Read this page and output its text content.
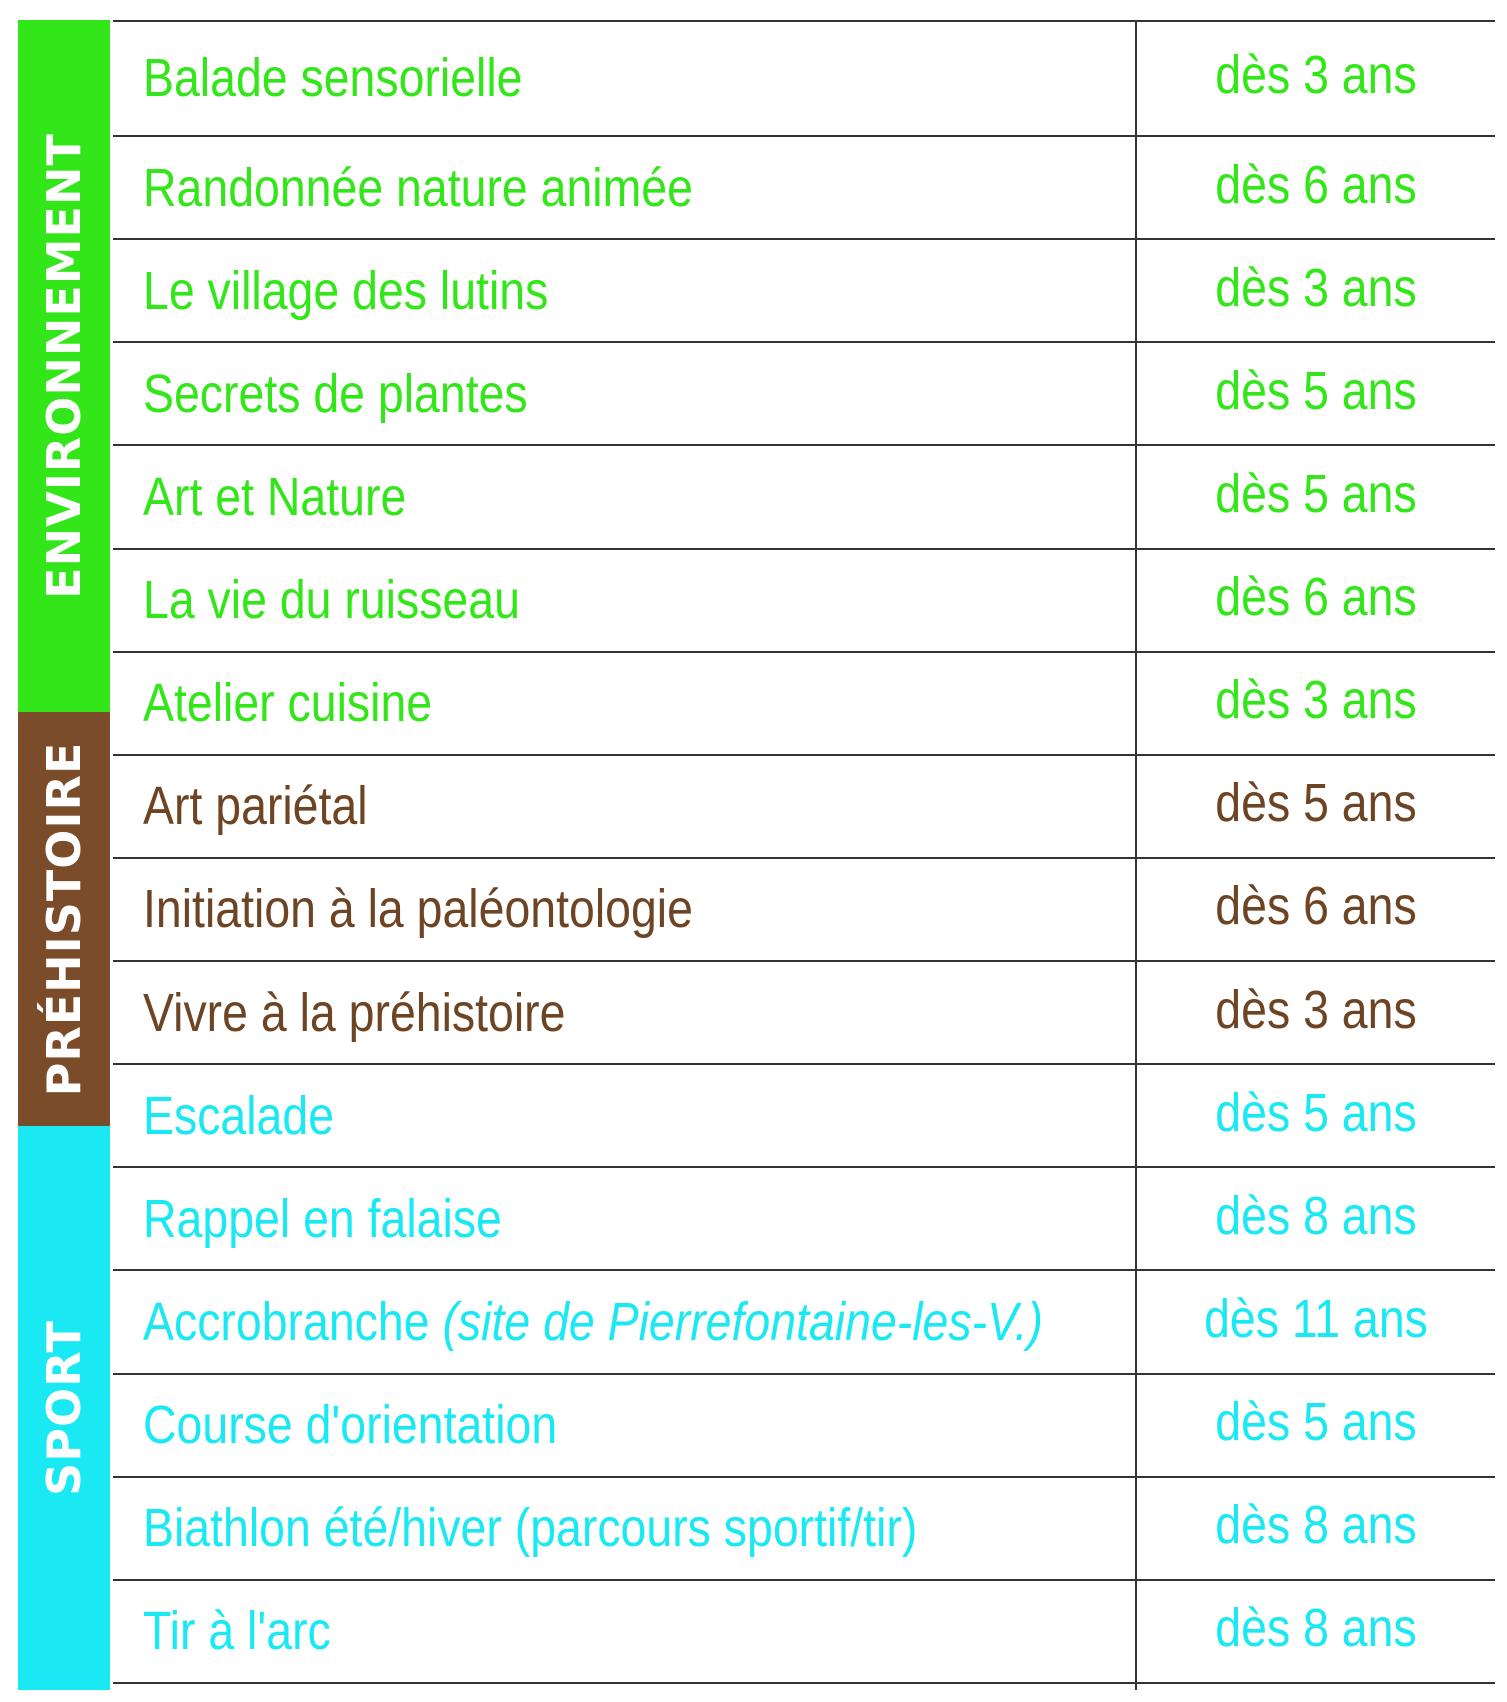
ENVIRONNEMENT
PRÉHISTOIRE
SPORT
Balade sensorielle	dès 3 ans
Randonnée nature animée	dès 6 ans
Le village des lutins	dès 3 ans
Secrets de plantes	dès 5 ans
Art et Nature	dès 5 ans
La vie du ruisseau	dès 6 ans
Atelier cuisine	dès 3 ans
Art pariétal	dès 5 ans
Initiation à la paléontologie	dès 6 ans
Vivre à la préhistoire	dès 3 ans
Escalade	dès 5 ans
Rappel en falaise	dès 8 ans
Accrobranche (site de Pierrefontaine-les-V.)	dès 11 ans
Course d'orientation	dès 5 ans
Biathlon été/hiver (parcours sportif/tir)	dès 8 ans
Tir à l'arc	dès 8 ans
